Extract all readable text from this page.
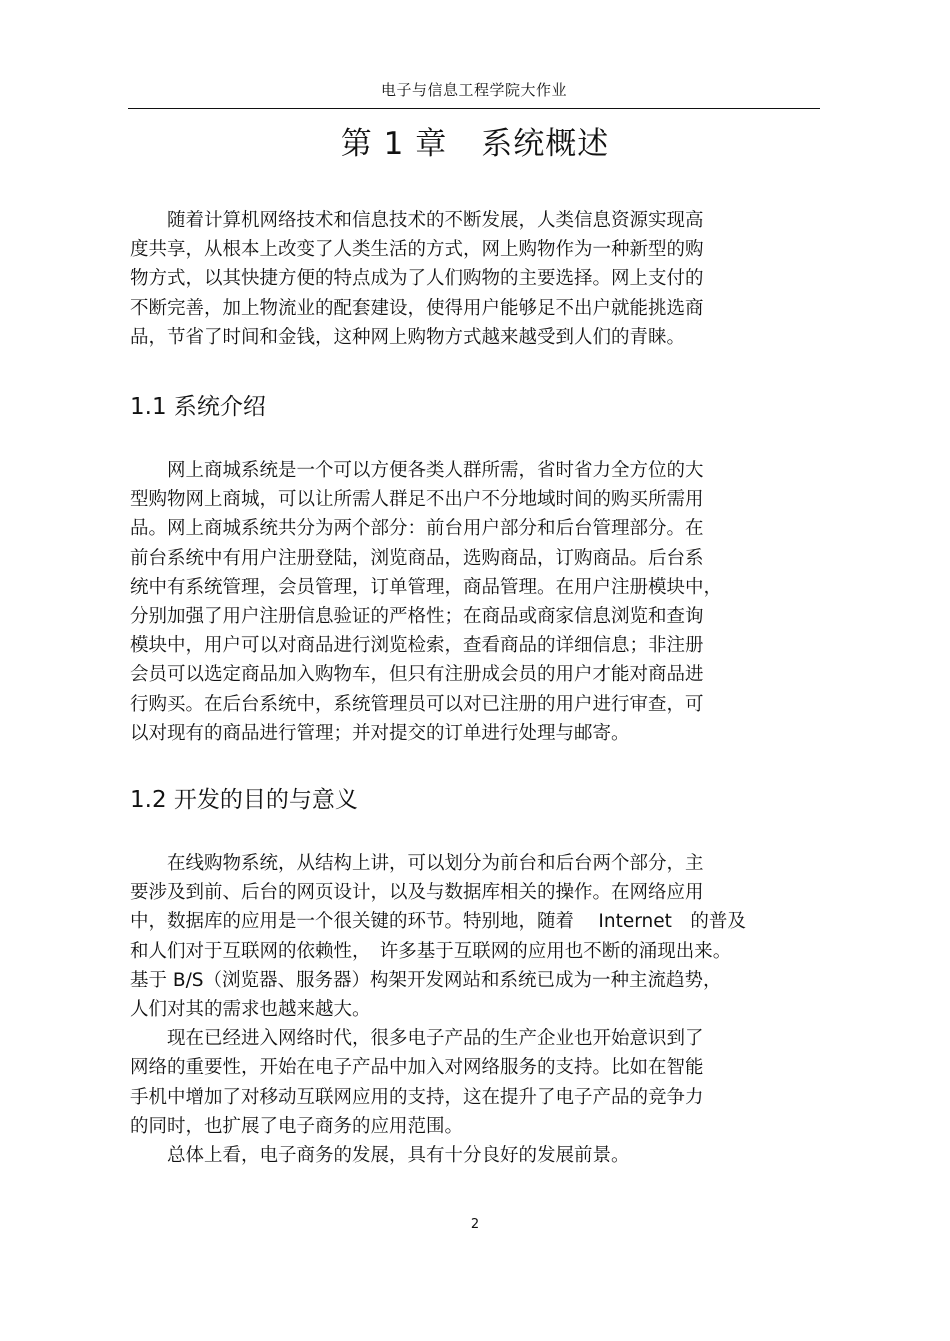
电子与信息工程学院大作业
第 1 章 系统概述

随着计算机网络技术和信息技术的不断发展，人类信息资源实现高
度共享，从根本上改变了人类生活的方式，网上购物作为一种新型的购
物方式，以其快捷方便的特点成为了人们购物的主要选择。网上支付的
不断完善，加上物流业的配套建设，使得用户能够足不出户就能挑选商
品，节省了时间和金钱，这种网上购物方式越来越受到人们的青睐。

1.1 系统介绍

网上商城系统是一个可以方便各类人群所需，省时省力全方位的大
型购物网上商城，可以让所需人群足不出户不分地域时间的购买所需用
品。网上商城系统共分为两个部分：前台用户部分和后台管理部分。在
前台系统中有用户注册登陆，浏览商品，选购商品，订购商品。后台系
统中有系统管理，会员管理，订单管理，商品管理。在用户注册模块中，
分别加强了用户注册信息验证的严格性；在商品或商家信息浏览和查询
模块中，用户可以对商品进行浏览检索，查看商品的详细信息；非注册
会员可以选定商品加入购物车，但只有注册成会员的用户才能对商品进
行购买。在后台系统中，系统管理员可以对已注册的用户进行审查，可
以对现有的商品进行管理；并对提交的订单进行处理与邮寄。

1.2 开发的目的与意义

在线购物系统，从结构上讲，可以划分为前台和后台两个部分，主
要涉及到前、后台的网页设计，以及与数据库相关的操作。在网络应用
中，数据库的应用是一个很关键的环节。特别地，随着　 Internet　的普及
和人们对于互联网的依赖性，　许多基于互联网的应用也不断的涌现出来。
基于 B/S（浏览器、服务器）构架开发网站和系统已成为一种主流趋势，
人们对其的需求也越来越大。
现在已经进入网络时代，很多电子产品的生产企业也开始意识到了
网络的重要性，开始在电子产品中加入对网络服务的支持。比如在智能
手机中增加了对移动互联网应用的支持，这在提升了电子产品的竞争力
的同时，也扩展了电子商务的应用范围。
总体上看，电子商务的发展，具有十分良好的发展前景。

2
